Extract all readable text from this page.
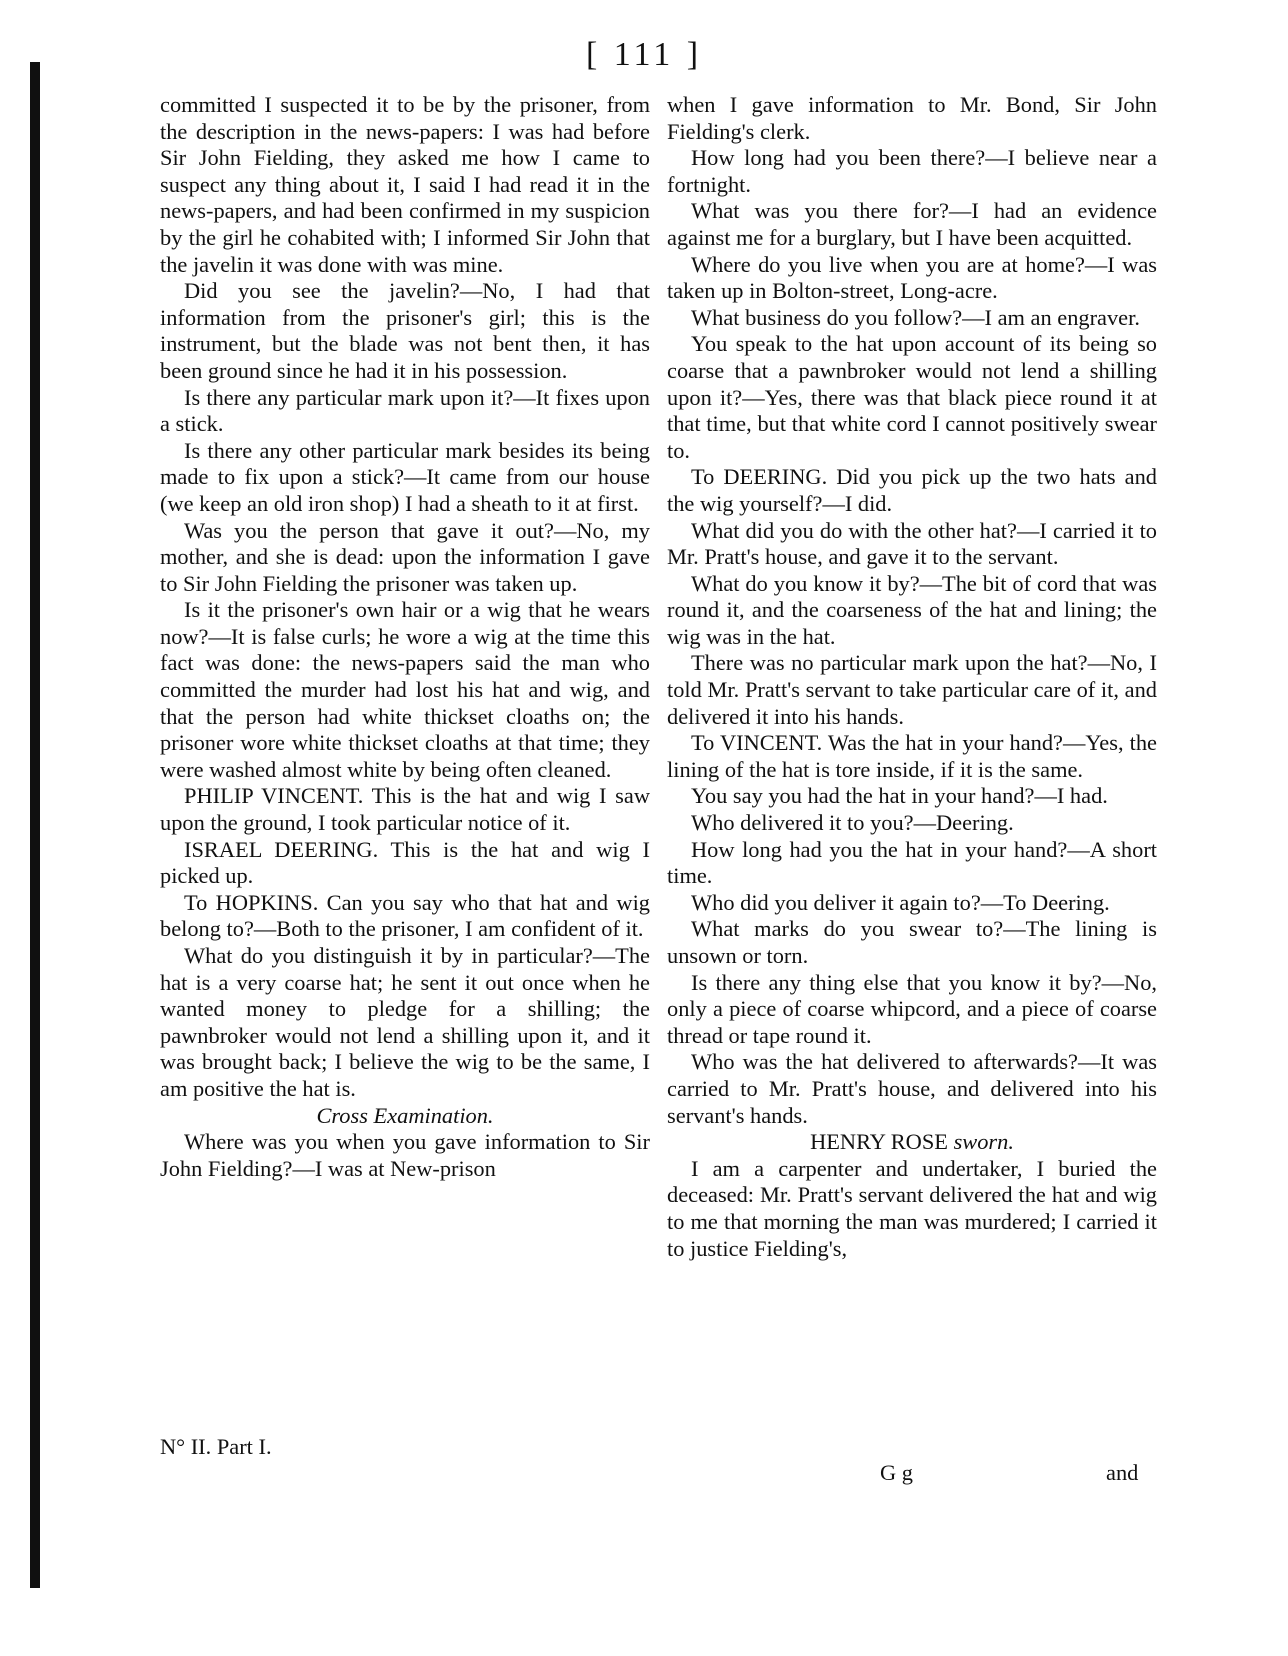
[ 111 ]

committed I suspected it to be by the prisoner, from the description in the news-papers: I was had before Sir John Fielding, they asked me how I came to suspect any thing about it, I said I had read it in the news-papers, and had been confirmed in my suspicion by the girl he cohabited with; I informed Sir John that the javelin it was done with was mine.

Did you see the javelin?—No, I had that information from the prisoner's girl; this is the instrument, but the blade was not bent then, it has been ground since he had it in his possession.

Is there any particular mark upon it?—It fixes upon a stick.

Is there any other particular mark besides its being made to fix upon a stick?—It came from our house (we keep an old iron shop) I had a sheath to it at first.

Was you the person that gave it out?—No, my mother, and she is dead: upon the information I gave to Sir John Fielding the prisoner was taken up.

Is it the prisoner's own hair or a wig that he wears now?—It is false curls; he wore a wig at the time this fact was done: the news-papers said the man who committed the murder had lost his hat and wig, and that the person had white thickset cloaths on; the prisoner wore white thickset cloaths at that time; they were washed almost white by being often cleaned.

PHILIP VINCENT. This is the hat and wig I saw upon the ground, I took particular notice of it.

ISRAEL DEERING. This is the hat and wig I picked up.

To HOPKINS. Can you say who that hat and wig belong to?—Both to the prisoner, I am confident of it.

What do you distinguish it by in particular?—The hat is a very coarse hat; he sent it out once when he wanted money to pledge for a shilling; the pawnbroker would not lend a shilling upon it, and it was brought back; I believe the wig to be the same, I am positive the hat is.

Cross Examination.

Where was you when you gave information to Sir John Fielding?—I was at New-prison

when I gave information to Mr. Bond, Sir John Fielding's clerk.

How long had you been there?—I believe near a fortnight.

What was you there for?—I had an evidence against me for a burglary, but I have been acquitted.

Where do you live when you are at home?—I was taken up in Bolton-street, Long-acre.

What business do you follow?—I am an engraver.

You speak to the hat upon account of its being so coarse that a pawnbroker would not lend a shilling upon it?—Yes, there was that black piece round it at that time, but that white cord I cannot positively swear to.

To DEERING. Did you pick up the two hats and the wig yourself?—I did.

What did you do with the other hat?—I carried it to Mr. Pratt's house, and gave it to the servant.

What do you know it by?—The bit of cord that was round it, and the coarseness of the hat and lining; the wig was in the hat.

There was no particular mark upon the hat?—No, I told Mr. Pratt's servant to take particular care of it, and delivered it into his hands.

To VINCENT. Was the hat in your hand?—Yes, the lining of the hat is tore inside, if it is the same.

You say you had the hat in your hand?—I had.

Who delivered it to you?—Deering.

How long had you the hat in your hand?—A short time.

Who did you deliver it again to?—To Deering.

What marks do you swear to?—The lining is unsown or torn.

Is there any thing else that you know it by?—No, only a piece of coarse whipcord, and a piece of coarse thread or tape round it.

Who was the hat delivered to afterwards?—It was carried to Mr. Pratt's house, and delivered into his servant's hands.

HENRY ROSE sworn.

I am a carpenter and undertaker, I buried the deceased: Mr. Pratt's servant delivered the hat and wig to me that morning the man was murdered; I carried it to justice Fielding's,

N° II. Part I.
G g	and
